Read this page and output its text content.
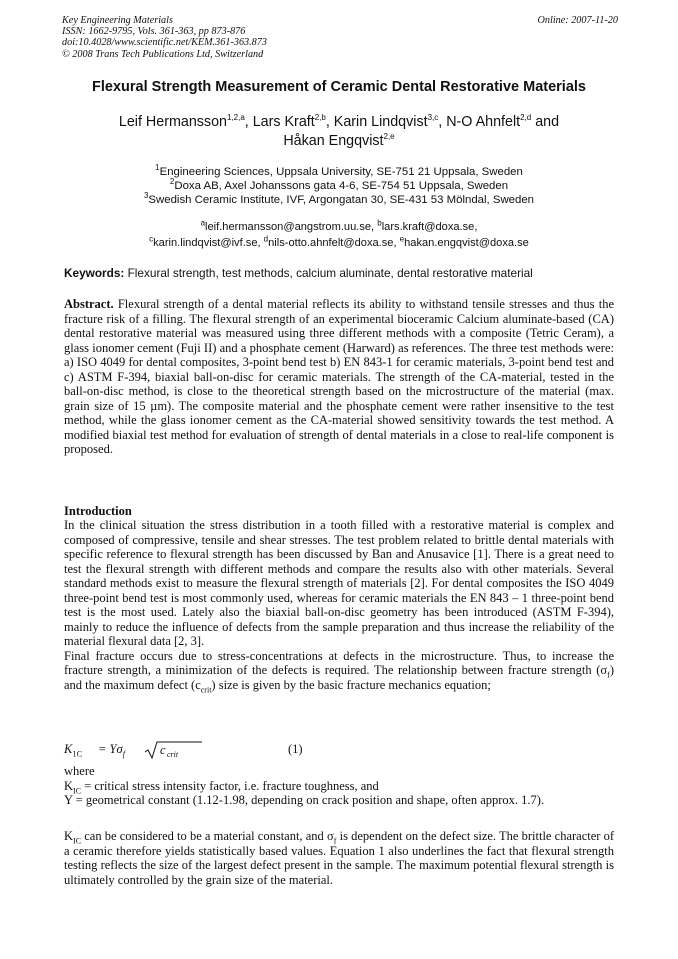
Key Engineering Materials
ISSN: 1662-9795, Vols. 361-363, pp 873-876
doi:10.4028/www.scientific.net/KEM.361-363.873
© 2008 Trans Tech Publications Ltd, Switzerland
Online: 2007-11-20
Flexural Strength Measurement of Ceramic Dental Restorative Materials
Leif Hermansson$^{1,2,a}$, Lars Kraft$^{2,b}$, Karin Lindqvist$^{3,c}$, N-O Ahnfelt$^{2,d}$ and
Håkan Engqvist$^{2,e}$
$^1$Engineering Sciences, Uppsala University, SE-751 21 Uppsala, Sweden
$^2$Doxa AB, Axel Johanssons gata 4-6, SE-754 51 Uppsala, Sweden
$^3$Swedish Ceramic Institute, IVF, Argongatan 30, SE-431 53 Mölndal, Sweden
$^a$leif.hermansson@angstrom.uu.se, $^b$lars.kraft@doxa.se,
$^c$karin.lindqvist@ivf.se, $^d$nils-otto.ahnfelt@doxa.se, $^e$hakan.engqvist@doxa.se
Keywords: Flexural strength, test methods, calcium aluminate, dental restorative material
Abstract. Flexural strength of a dental material reflects its ability to withstand tensile stresses and thus the fracture risk of a filling. The flexural strength of an experimental bioceramic Calcium aluminate-based (CA) dental restorative material was measured using three different methods with a composite (Tetric Ceram), a glass ionomer cement (Fuji II) and a phosphate cement (Harward) as references. The three test methods were: a) ISO 4049 for dental composites, 3-point bend test b) EN 843-1 for ceramic materials, 3-point bend test and c) ASTM F-394, biaxial ball-on-disc for ceramic materials. The strength of the CA-material, tested in the ball-on-disc method, is close to the theoretical strength based on the microstructure of the material (max. grain size of 15 µm). The composite material and the phosphate cement were rather insensitive to the test method, while the glass ionomer cement as the CA-material showed sensitivity towards the test method. A modified biaxial test method for evaluation of strength of dental materials in a close to real-life component is proposed.
Introduction

In the clinical situation the stress distribution in a tooth filled with a restorative material is complex and composed of compressive, tensile and shear stresses. The test problem related to brittle dental materials with specific reference to flexural strength has been discussed by Ban and Anusavice [1]. There is a great need to test the flexural strength with different methods and compare the results also with other materials. Several standard methods exist to measure the flexural strength of materials [2]. For dental composites the ISO 4049 three-point bend test is most commonly used, whereas for ceramic materials the EN 843 – 1 three-point bend test is the most used. Lately also the biaxial ball-on-disc geometry has been introduced (ASTM F-394), mainly to reduce the influence of defects from the sample preparation and thus increase the reliability of the material flexural data [2, 3].

Final fracture occurs due to stress-concentrations at defects in the microstructure. Thus, to increase the fracture strength, a minimization of the defects is required. The relationship between fracture strength $(\sigma_f)$ and the maximum defect $(c_{crit})$ size is given by the basic fracture mechanics equation;

$K_{1C} = Y\sigma_f$	c crit	(1)
where
$K_{IC}$ = critical stress intensity factor, i.e. fracture toughness, and
Y = geometrical constant (1.12-1.98, depending on crack position and shape, often approx. 1.7).
$K_{IC}$ can be considered to be a material constant, and $\sigma_f$ is dependent on the defect size. The brittle character of a ceramic therefore yields statistically based values. Equation 1 also underlines the fact that flexural strength testing reflects the size of the largest defect present in the sample. The maximum potential flexural strength is ultimately controlled by the grain size of the material.
